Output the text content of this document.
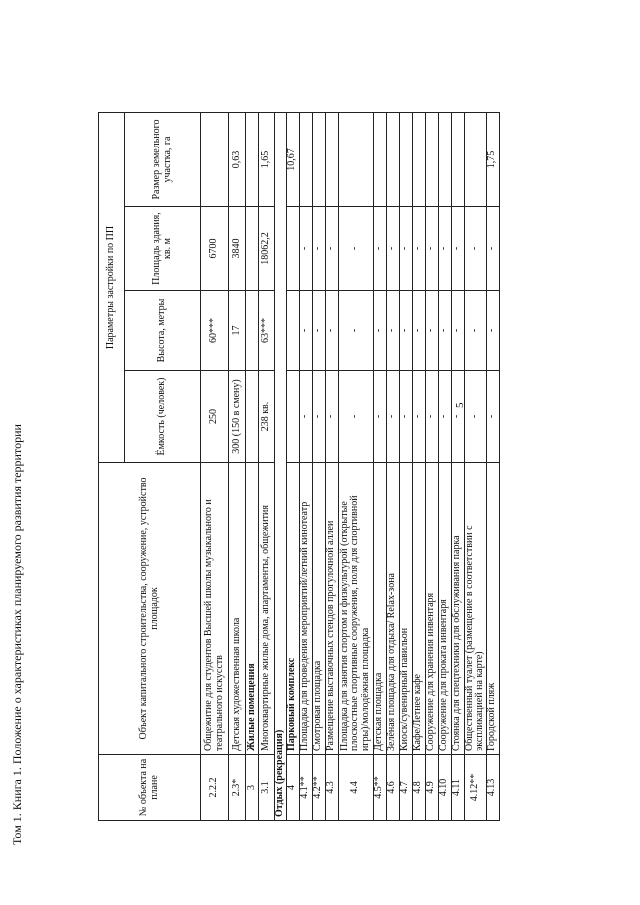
Том 1. Книга 1. Положение о характеристиках планируемого развития территории	№ объекта на плане	Объект капитального строительства, сооружение, устройство площадок	Параметры застройки по ПП			
		Ёмкость (человек)	Высота, метры	Площадь здания, кв. м	Размер земельного участка, га
2.2.2	Общежитие для студентов Высшей школы музыкального и театрального искусств	250	60***	6700	
2.3*	Детская художественная школа	300 (150 в смену)	17	3840	0,63
3	Жилые помещения				
3.1	Многоквартирные жилые дома, апартаменты, общежития	238 кв.	63***	18062,2	1,65
Отдых (рекреация)					
4	Парковый комплекс				10,67
4.1**	Площадка для проведения мероприятий/летний кинотеатр	-	-	-	
4.2**	Смотровая площадка	-	-	-	
4.3	Размещение выставочных стендов прогулочной аллеи	-	-	-	
4.4	Площадка для занятия спортом и физкультурой (открытые плоскостные спортивные сооружения, поля для спортивной игры)/молодёжная площадка	-	-	-	
4.5**	Детская площадка	-	-	-	
4.6	Зелёная площадка для отдыха/ Relax-зона	-	-	-	
4.7	Киоск/сувенирный павильон	-	-	-	
4.8	Кафе/Летнее кафе	-	-	-	
4.9	Сооружение для хранения инвентаря	-	-	-	
4.10	Сооружение для проката инвентаря	-	-	-	
4.11	Стоянка для спецтехники для обслуживания парка	-	-	-	
4.12**	Общественный туалет (размещение в соответствии с экспликацией на карте)	-	-	-	
4.13	Городской пляж	-	-	-	1,75
5
